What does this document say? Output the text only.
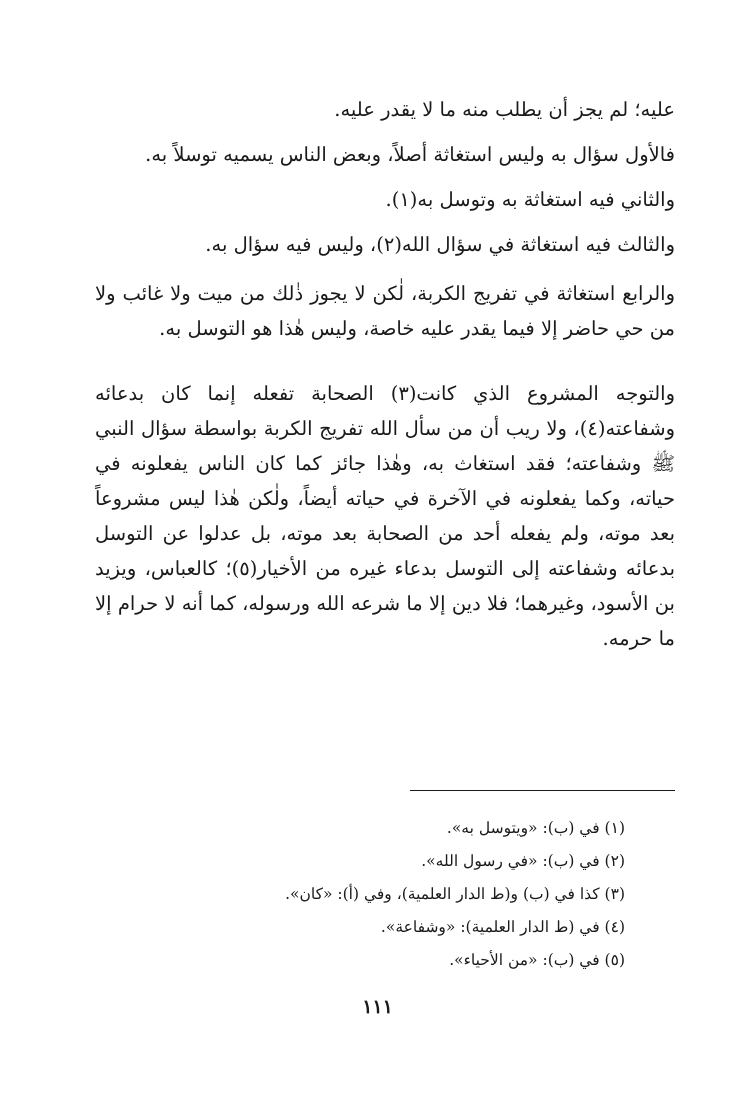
عليه؛ لم يجز أن يطلب منه ما لا يقدر عليه.

فالأول سؤال به وليس استغاثة أصلاً، وبعض الناس يسميه توسلاً به.

والثاني فيه استغاثة به وتوسل به(١).

والثالث فيه استغاثة في سؤال الله(٢)، وليس فيه سؤال به.

والرابع استغاثة في تفريج الكربة، لٰكن لا يجوز ذٰلك من ميت ولا غائب ولا من حي حاضر إلا فيما يقدر عليه خاصة، وليس هٰذا هو التوسل به.

والتوجه المشروع الذي كانت(٣) الصحابة تفعله إنما كان بدعائه وشفاعته(٤)، ولا ريب أن من سأل الله تفريج الكربة بواسطة سؤال النبي ﷺ وشفاعته؛ فقد استغاث به، وهٰذا جائز كما كان الناس يفعلونه في حياته، وكما يفعلونه في الآخرة في حياته أيضاً، ولٰكن هٰذا ليس مشروعاً بعد موته، ولم يفعله أحد من الصحابة بعد موته، بل عدلوا عن التوسل بدعائه وشفاعته إلى التوسل بدعاء غيره من الأخيار(٥)؛ كالعباس، ويزيد بن الأسود، وغيرهما؛ فلا دين إلا ما شرعه الله ورسوله، كما أنه لا حرام إلا ما حرمه.

(١) في (ب): «ويتوسل به».
(٢) في (ب): «في رسول الله».
(٣) كذا في (ب) و(ط الدار العلمية)، وفي (أ): «كان».
(٤) في (ط الدار العلمية): «وشفاعة».
(٥) في (ب): «من الأحياء».
١١١
